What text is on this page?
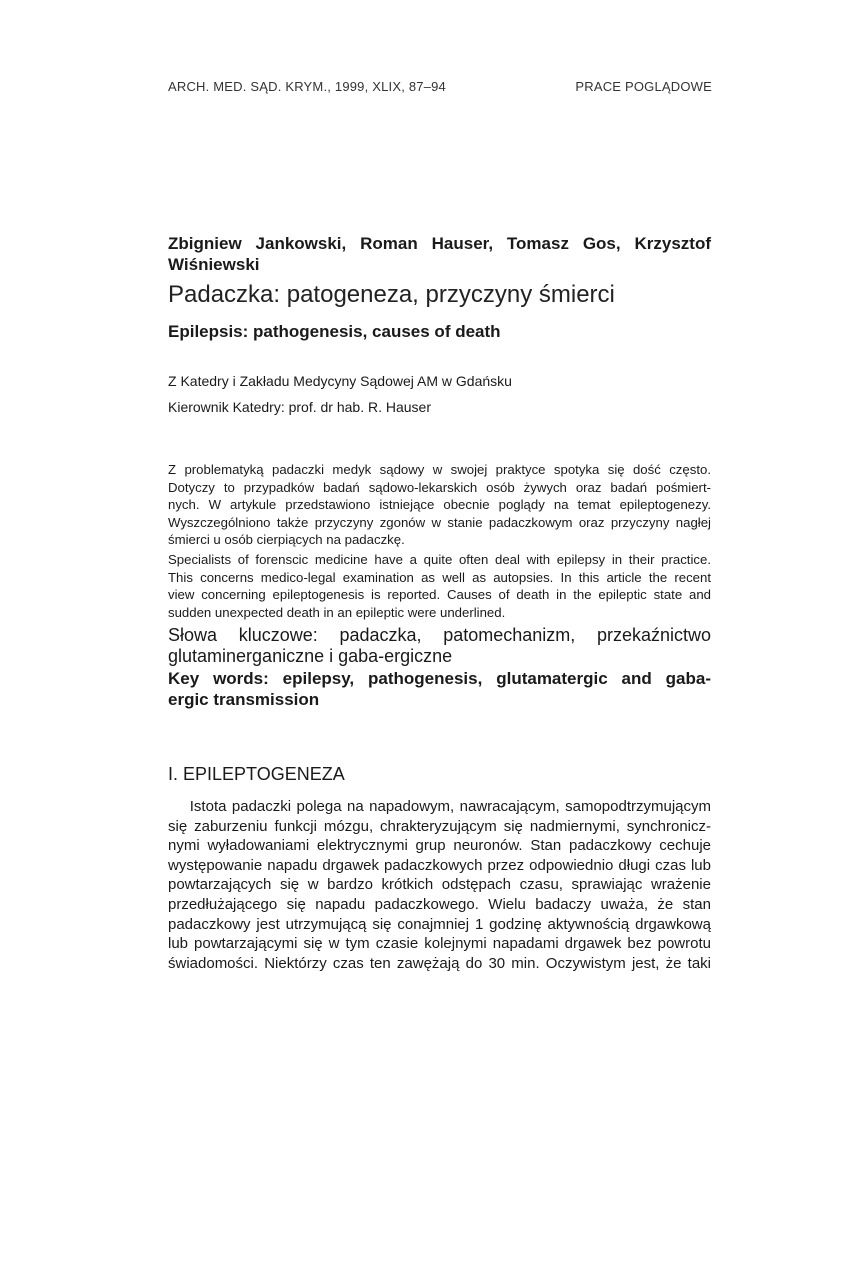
ARCH. MED. SĄD. KRYM., 1999, XLIX, 87–94	PRACE POGLĄDOWE
Zbigniew Jankowski, Roman Hauser, Tomasz Gos, Krzysztof
Wiśniewski
Padaczka: patogeneza, przyczyny śmierci
Epilepsis: pathogenesis, causes of death
Z Katedry i Zakładu Medycyny Sądowej AM w Gdańsku
Kierownik Katedry: prof. dr hab. R. Hauser
Z problematyką padaczki medyk sądowy w swojej praktyce spotyka się dość często.
Dotyczy to przypadków badań sądowo-lekarskich osób żywych oraz badań pośmiert-
nych. W artykule przedstawiono istniejące obecnie poglądy na temat epileptogenezy.
Wyszczególniono także przyczyny zgonów w stanie padaczkowym oraz przyczyny nagłej
śmierci u osób cierpiących na padaczkę.
Specialists of forenscic medicine have a quite often deal with epilepsy in their practice.
This concerns medico-legal examination as well as autopsies. In this article the recent
view concerning epileptogenesis is reported. Causes of death in the epileptic state and
sudden unexpected death in an epileptic were underlined.
Słowa kluczowe: padaczka, patomechanizm, przekaźnictwo
glutaminerganiczne i gaba-ergiczne
Key words: epilepsy, pathogenesis, glutamatergic and gaba-
ergic transmission
I. EPILEPTOGENEZA
Istota padaczki polega na napadowym, nawracającym, samopodtrzymującym
się zaburzeniu funkcji mózgu, chrakteryzującym się nadmiernymi, synchronicz-
nymi wyładowaniami elektrycznymi grup neuronów. Stan padaczkowy cechuje
występowanie napadu drgawek padaczkowych przez odpowiednio długi czas lub
powtarzających się w bardzo krótkich odstępach czasu, sprawiając wrażenie
przedłużającego się napadu padaczkowego. Wielu badaczy uważa, że stan
padaczkowy jest utrzymującą się conajmniej 1 godzinę aktywnością drgawkową
lub powtarzającymi się w tym czasie kolejnymi napadami drgawek bez powrotu
świadomości. Niektórzy czas ten zawężają do 30 min. Oczywistym jest, że taki
